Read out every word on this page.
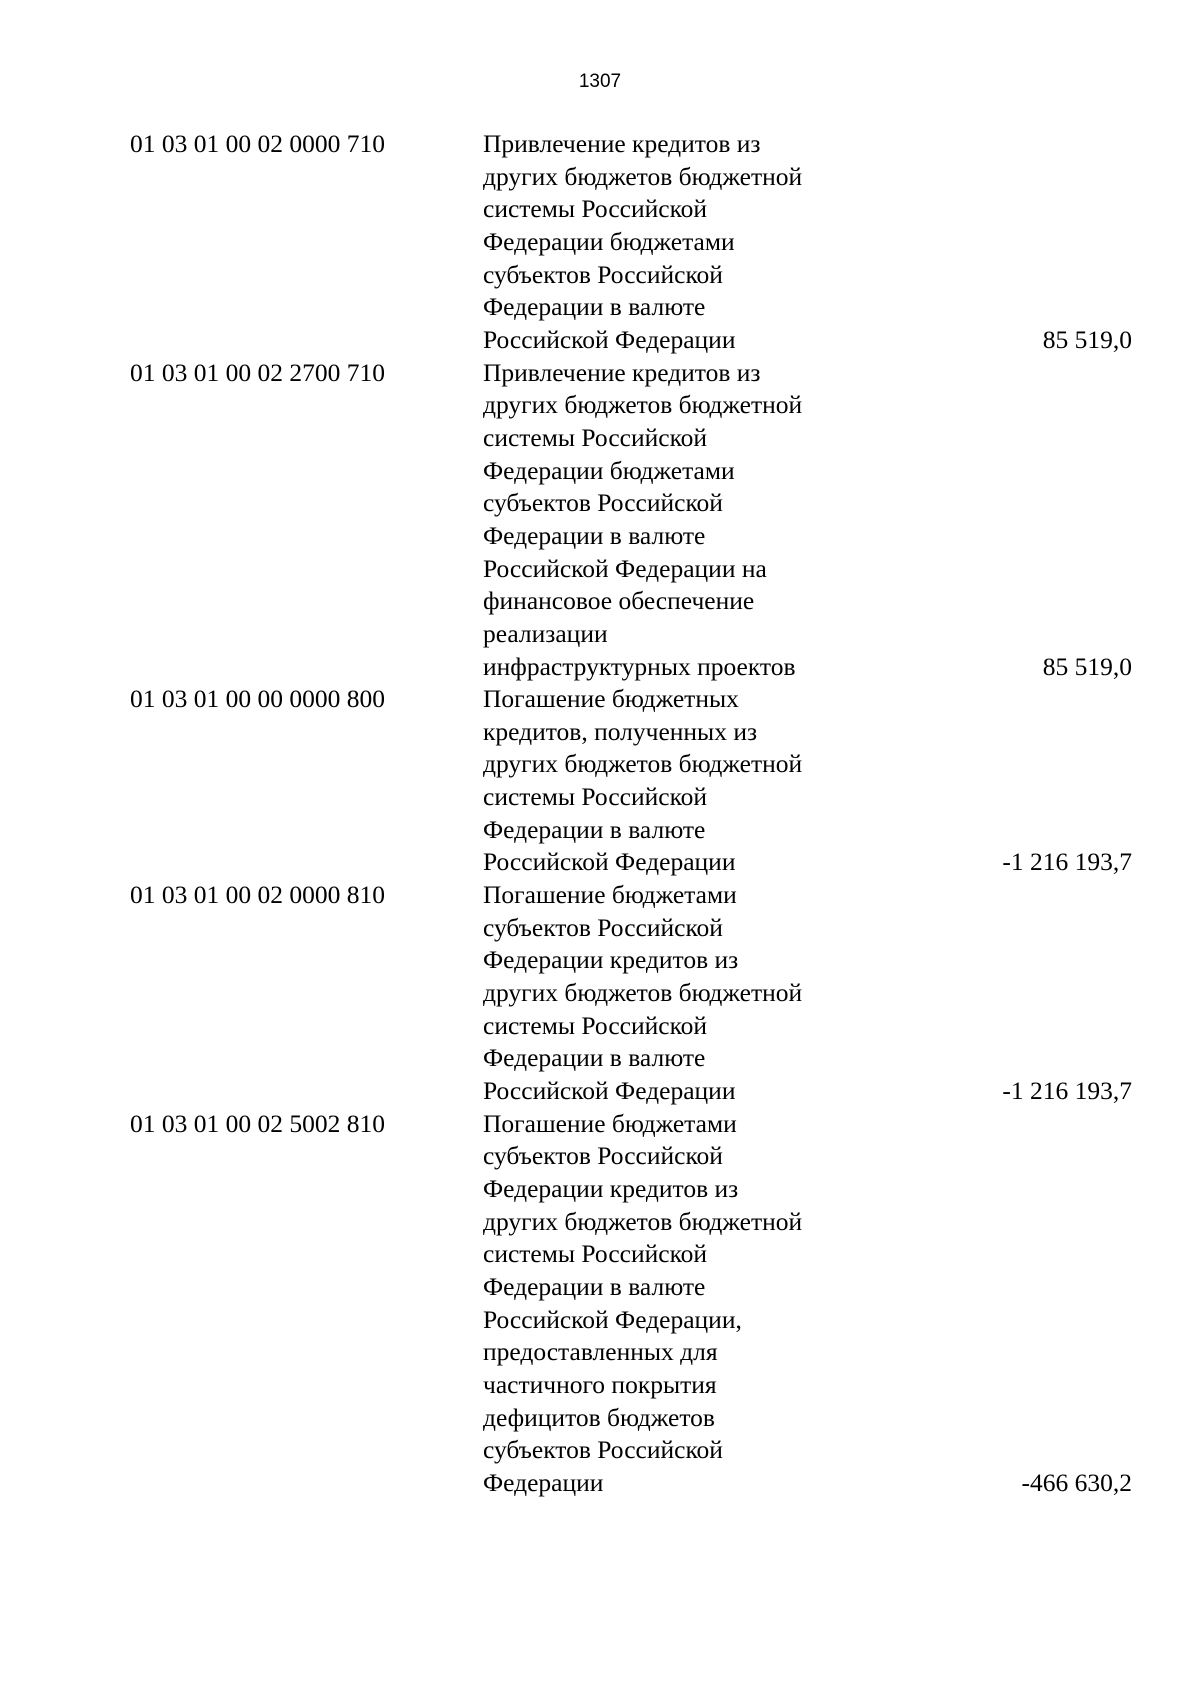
1307
01 03 01 00 02 0000 710	Привлечение кредитов из
других бюджетов бюджетной
системы Российской
Федерации бюджетами
субъектов Российской
Федерации в валюте
Российской Федерации	85 519,0
01 03 01 00 02 2700 710	Привлечение кредитов из
других бюджетов бюджетной
системы Российской
Федерации бюджетами
субъектов Российской
Федерации в валюте
Российской Федерации на
финансовое обеспечение
реализации
инфраструктурных проектов	85 519,0
01 03 01 00 00 0000 800	Погашение бюджетных
кредитов, полученных из
других бюджетов бюджетной
системы Российской
Федерации в валюте
Российской Федерации	-1 216 193,7
01 03 01 00 02 0000 810	Погашение бюджетами
субъектов Российской
Федерации кредитов из
других бюджетов бюджетной
системы Российской
Федерации в валюте
Российской Федерации	-1 216 193,7
01 03 01 00 02 5002 810	Погашение бюджетами
субъектов Российской
Федерации кредитов из
других бюджетов бюджетной
системы Российской
Федерации в валюте
Российской Федерации,
предоставленных для
частичного покрытия
дефицитов бюджетов
субъектов Российской
Федерации	-466 630,2
